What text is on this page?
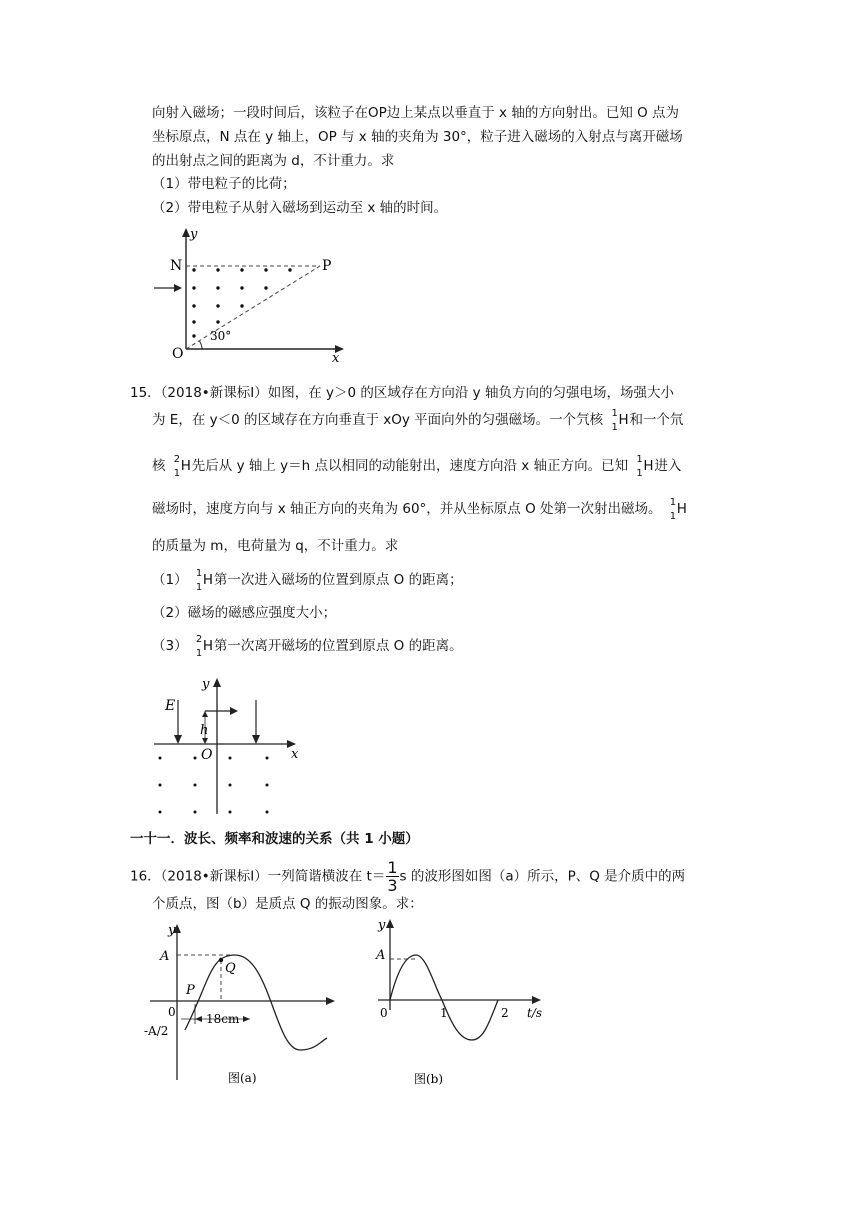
向射入磁场；一段时间后，该粒子在OP边上某点以垂直于 x 轴的方向射出。已知 O 点为
坐标原点，N 点在 y 轴上，OP 与 x 轴的夹角为 30°，粒子进入磁场的入射点与离开磁场
的出射点之间的距离为 d，不计重力。求
（1）带电粒子的比荷；
（2）带电粒子从射入磁场到运动至 x 轴的时间。
y
N	P
O	x
30°
15．（2018•新课标Ⅰ）如图，在 y＞0 的区域存在方向沿 y 轴负方向的匀强电场，场强大小
为 E，在 y＜0 的区域存在方向垂直于 xOy 平面向外的匀强磁场。一个氕核 1
1 H 和一个氘
核 2
1 H 先后从 y 轴上 y＝h 点以相同的动能射出，速度方向沿 x 轴正方向。已知 1
1 H 进入
磁场时，速度方向与 x 轴正方向的夹角为 60°，并从坐标原点 O 处第一次射出磁场。 1
1 H
的质量为 m，电荷量为 q，不计重力。求
（1） 1
1 H 第一次进入磁场的位置到原点 O 的距离；
（2）磁场的磁感应强度大小；
（3） 2
1 H 第一次离开磁场的位置到原点 O 的距离。
E
y
h
O	x
一十一．波长、频率和波速的关系（共 1 小题）
16．（2018•新课标Ⅰ）一列简谐横波在 $t= \frac{1}{3}$ s 的波形图如图（a）所示，P、Q 是介质中的两
个质点，图（b）是质点 Q 的振动图象。求：
y
A
Q
P
0
-A/2
18cm
图(a)
y
A
0	1	2 t/s
图(b)
